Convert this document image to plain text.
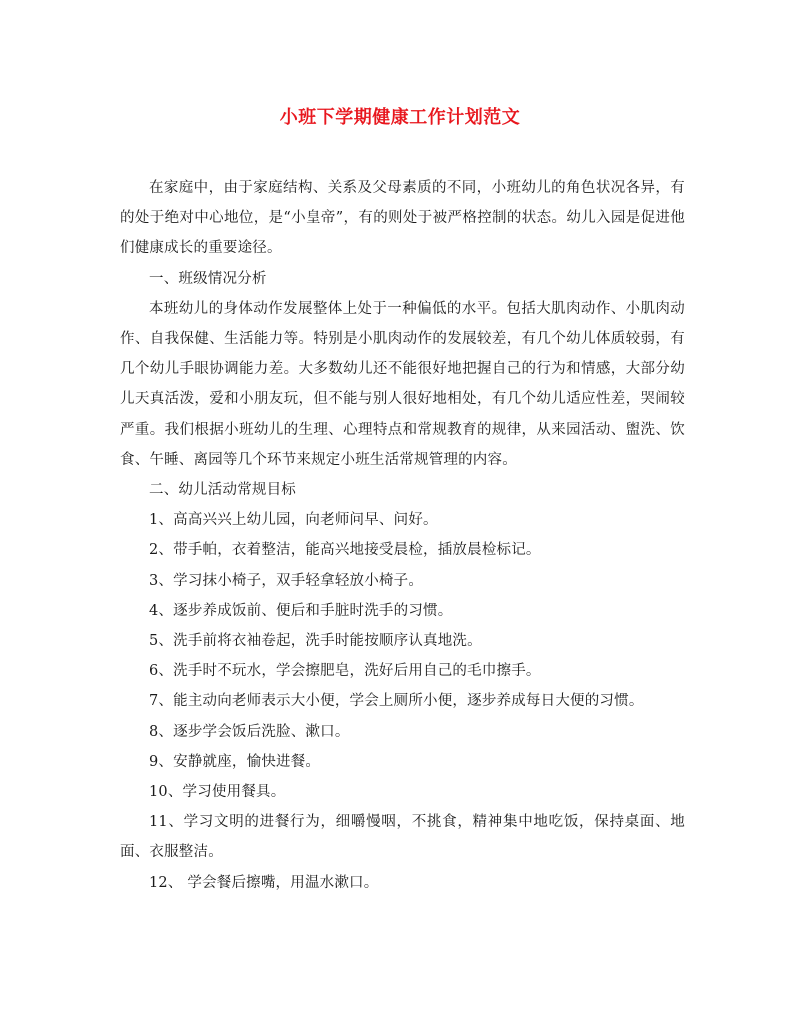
小班下学期健康工作计划范文

在家庭中，由于家庭结构、关系及父母素质的不同，小班幼儿的角色状况各异，有的处于绝对中心地位，是“小皇帝”，有的则处于被严格控制的状态。幼儿入园是促进他们健康成长的重要途径。

一、班级情况分析

本班幼儿的身体动作发展整体上处于一种偏低的水平。包括大肌肉动作、小肌肉动作、自我保健、生活能力等。特别是小肌肉动作的发展较差，有几个幼儿体质较弱，有几个幼儿手眼协调能力差。大多数幼儿还不能很好地把握自己的行为和情感，大部分幼儿天真活泼，爱和小朋友玩，但不能与别人很好地相处，有几个幼儿适应性差，哭闹较严重。我们根据小班幼儿的生理、心理特点和常规教育的规律，从来园活动、盥洗、饮食、午睡、离园等几个环节来规定小班生活常规管理的内容。

二、幼儿活动常规目标

1、高高兴兴上幼儿园，向老师问早、问好。

2、带手帕，衣着整洁，能高兴地接受晨检，插放晨检标记。

3、学习抹小椅子，双手轻拿轻放小椅子。

4、逐步养成饭前、便后和手脏时洗手的习惯。

5、洗手前将衣袖卷起，洗手时能按顺序认真地洗。

6、洗手时不玩水，学会擦肥皂，洗好后用自己的毛巾擦手。

7、能主动向老师表示大小便，学会上厕所小便，逐步养成每日大便的习惯。

8、逐步学会饭后洗脸、漱口。

9、安静就座，愉快进餐。

10、学习使用餐具。

11、学习文明的进餐行为，细嚼慢咽，不挑食，精神集中地吃饭，保持桌面、地面、衣服整洁。

12、 学会餐后擦嘴，用温水漱口。
